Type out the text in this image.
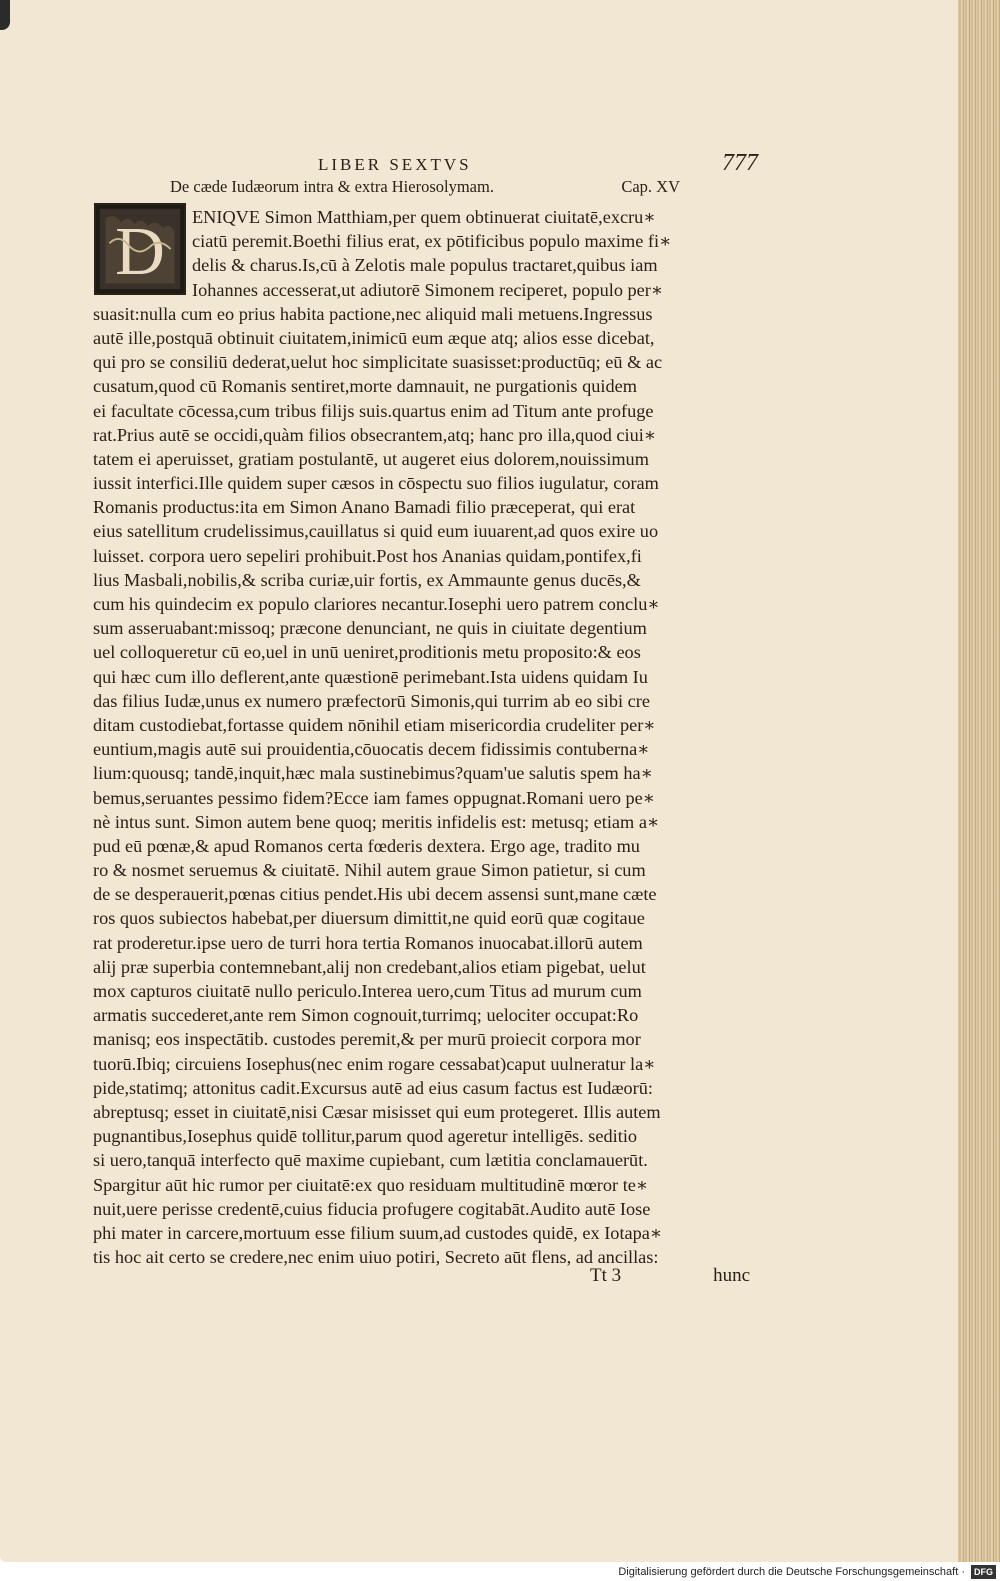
LIBER SEXTVS	777
De cæde Iudæorum intra & extra Hierosolymam.	Cap. XV
D	ENIQVE Simon Matthiam,per quem obtinuerat ciuitatē,excru∗
ciatū peremit.Boethi filius erat, ex pōtificibus populo maxime fi∗
delis & charus.Is,cū à Zelotis male populus tractaret,quibus iam
Iohannes accesserat,ut adiutorē Simonem reciperet, populo per∗
suasit:nulla cum eo prius habita pactione,nec aliquid mali metuens.Ingressus
autē ille,postquā obtinuit ciuitatem,inimicū eum æque atq; alios esse dicebat,
qui pro se consiliū dederat,uelut hoc simplicitate suasisset:productūq; eū & ac
cusatum,quod cū Romanis sentiret,morte damnauit, ne purgationis quidem
ei facultate cōcessa,cum tribus filijs suis.quartus enim ad Titum ante profuge
rat.Prius autē se occidi,quàm filios obsecrantem,atq; hanc pro illa,quod ciui∗
tatem ei aperuisset, gratiam postulantē, ut augeret eius dolorem,nouissimum
iussit interfici.Ille quidem super cæsos in cōspectu suo filios iugulatur, coram
Romanis productus:ita em Simon Anano Bamadi filio præceperat, qui erat
eius satellitum crudelissimus,cauillatus si quid eum iuuarent,ad quos exire uo
luisset. corpora uero sepeliri prohibuit.Post hos Ananias quidam,pontifex,fi
lius Masbali,nobilis,& scriba curiæ,uir fortis, ex Ammaunte genus ducēs,&
cum his quindecim ex populo clariores necantur.Iosephi uero patrem conclu∗
sum asseruabant:missoq; præcone denunciant, ne quis in ciuitate degentium
uel colloqueretur cū eo,uel in unū ueniret,proditionis metu proposito:& eos
qui hæc cum illo deflerent,ante quæstionē perimebant.Ista uidens quidam Iu
das filius Iudæ,unus ex numero præfectorū Simonis,qui turrim ab eo sibi cre
ditam custodiebat,fortasse quidem nōnihil etiam misericordia crudeliter per∗
euntium,magis autē sui prouidentia,cōuocatis decem fidissimis contuberna∗
lium:quousq; tandē,inquit,hæc mala sustinebimus?quam'ue salutis spem ha∗
bemus,seruantes pessimo fidem?Ecce iam fames oppugnat.Romani uero pe∗
nè intus sunt. Simon autem bene quoq; meritis infidelis est: metusq; etiam a∗
pud eū pœnæ,& apud Romanos certa fœderis dextera. Ergo age, tradito mu
ro & nosmet seruemus & ciuitatē. Nihil autem graue Simon patietur, si cum
de se desperauerit,pœnas citius pendet.His ubi decem assensi sunt,mane cæte
ros quos subiectos habebat,per diuersum dimittit,ne quid eorū quæ cogitaue
rat proderetur.ipse uero de turri hora tertia Romanos inuocabat.illorū autem
alij præ superbia contemnebant,alij non credebant,alios etiam pigebat, uelut
mox capturos ciuitatē nullo periculo.Interea uero,cum Titus ad murum cum
armatis succederet,ante rem Simon cognouit,turrimq; uelociter occupat:Ro
manisq; eos inspectātib. custodes peremit,& per murū proiecit corpora mor
tuorū.Ibiq; circuiens Iosephus(nec enim rogare cessabat)caput uulneratur la∗
pide,statimq; attonitus cadit.Excursus autē ad eius casum factus est Iudæorū:
abreptusq; esset in ciuitatē,nisi Cæsar misisset qui eum protegeret. Illis autem
pugnantibus,Iosephus quidē tollitur,parum quod ageretur intelligēs. seditio
si uero,tanquā interfecto quē maxime cupiebant, cum lætitia conclamauerūt.
Spargitur aūt hic rumor per ciuitatē:ex quo residuam multitudinē mœror te∗
nuit,uere perisse credentē,cuius fiducia profugere cogitabāt.Audito autē Iose
phi mater in carcere,mortuum esse filium suum,ad custodes quidē, ex Iotapa∗
tis hoc ait certo se credere,nec enim uiuo potiri, Secreto aūt flens, ad ancillas:
Tt 3	hunc
Digitalisierung gefördert durch die Deutsche Forschungsgemeinschaft ·	DFG
